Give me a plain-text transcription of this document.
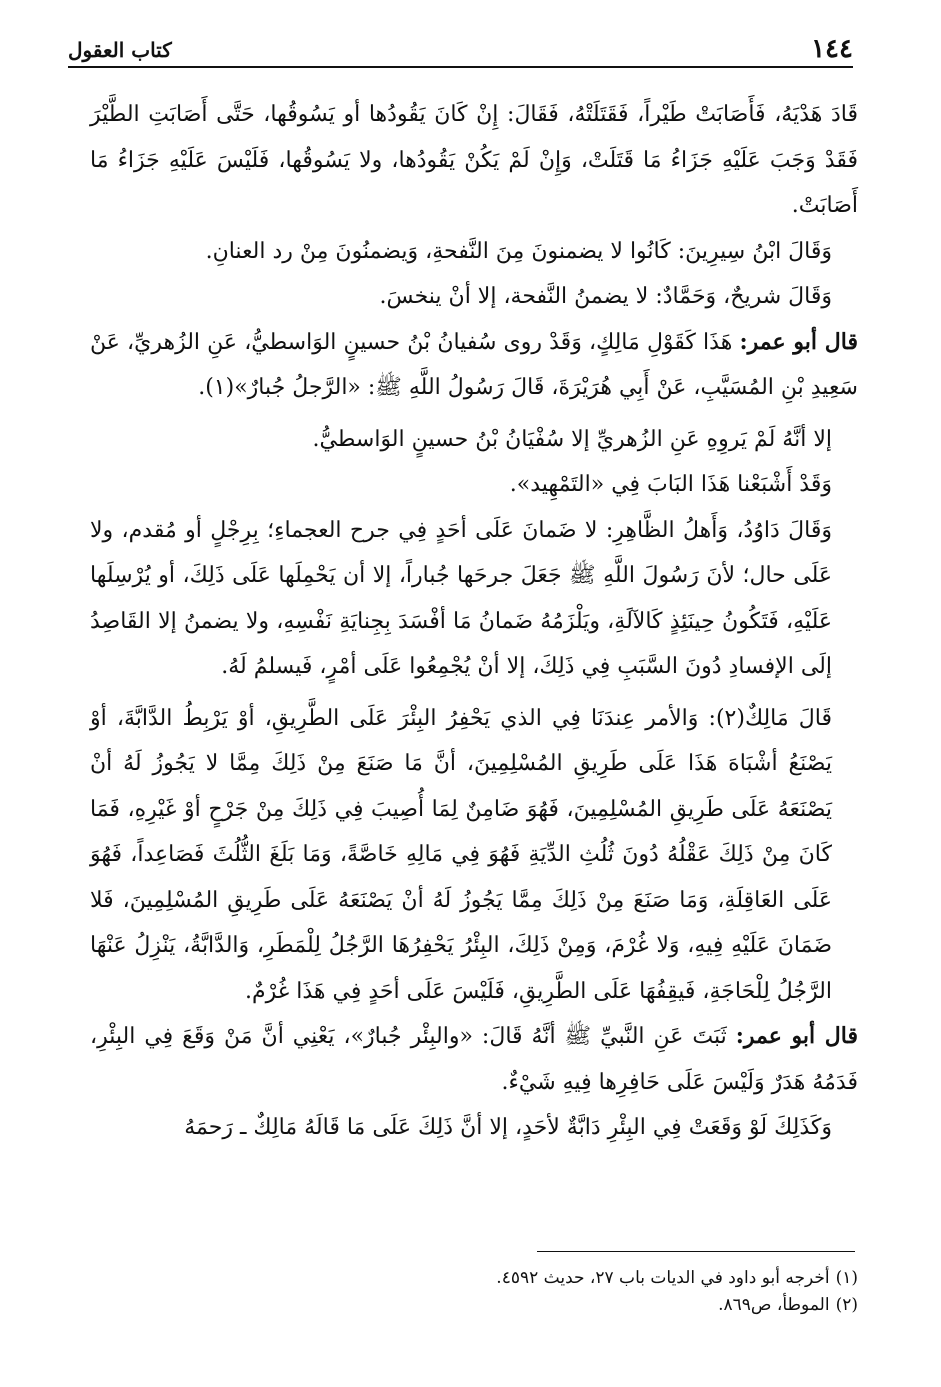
١٤٤
كتاب العقول

قَادَ هَدْيَهُ، فَأَصَابَتْ طَيْراً، فَقَتَلَتْهُ، فَقَالَ: إِنْ كَانَ يَقُودُها أو يَسُوقُها، حَتَّى أَصَابَتِ الطَّيْرَ فَقَدْ وَجَبَ عَلَيْهِ جَزَاءُ مَا قَتَلَتْ، وَإِنْ لَمْ يَكُنْ يَقُودُها، ولا يَسُوقُها، فَلَيْسَ عَلَيْهِ جَزَاءُ مَا أَصَابَتْ.

وَقَالَ ابْنُ سِيرِينَ: كَانُوا لا يضمنونَ مِنَ النَّفحةِ، وَيضمنُونَ مِنْ رد العنانِ.

وَقَالَ شريحٌ، وَحَمَّادٌ: لا يضمنُ النَّفحة، إلا أنْ ينخسَ.

قال أبو عمر: هَذَا كَقَوْلِ مَالِكٍ، وَقَدْ روى سُفيانُ بْنُ حسينٍ الوَاسطيُّ، عَنِ الزُهريِّ، عَنْ سَعِيدِ بْنِ المُسَيَّبِ، عَنْ أَبِي هُرَيْرَةَ، قَالَ رَسُولُ اللَّهِ ﷺ: «الرَّجلُ جُبارٌ»(١).

إلا أنَّهُ لَمْ يَروِهِ عَنِ الزُهريِّ إلا سُفْيَانُ بْنُ حسينٍ الوَاسطيُّ.

وَقَدْ أَشْبَعْنا هَذَا البَابَ فِي «التَمْهِيد».

وَقَالَ دَاوُدُ، وَأَهلُ الظَّاهِرِ: لا ضَمانَ عَلَى أحَدٍ فِي جرح العجماءِ؛ بِرِجْلٍ أو مُقدم، ولا عَلَى حال؛ لأنَ رَسُولَ اللَّهِ ﷺ جَعَلَ جرحَها جُباراً، إلا أن يَحْمِلَها عَلَى ذَلِكَ، أو يُرْسِلَها عَلَيْهِ، فَتَكُونُ حِينَئِذٍ كَالآلَةِ، ويَلْزَمُهُ ضَمانُ مَا أفْسَدَ بِجِنايَةِ نَفْسِهِ، ولا يضمنُ إلا القَاصِدُ إلَى الإفسادِ دُونَ السَّبَبِ فِي ذَلِكَ، إلا أنْ يُجْمِعُوا عَلَى أمْرٍ، فَيسلمُ لَهُ.

قَالَ مَالِكٌ(٢): وَالأمر عِندَنَا فِي الذي يَحْفِرُ البِئْرَ عَلَى الطَّرِيقِ، أوْ يَرْبِطُ الدَّابَّةَ، أوْ يَصْنَعُ أشْبَاهَ هَذَا عَلَى طَرِيقِ المُسْلِمِينَ، أنَّ مَا صَنَعَ مِنْ ذَلِكَ مِمَّا لا يَجُوزُ لَهُ أنْ يَصْنَعَهُ عَلَى طَرِيقِ المُسْلِمِينَ، فَهُوَ ضَامِنٌ لِمَا أُصِيبَ فِي ذَلِكَ مِنْ جَرْحٍ أوْ غَيْرِهِ، فَمَا كَانَ مِنْ ذَلِكَ عَقْلُهُ دُونَ ثُلُثِ الدِّيَةِ فَهُوَ فِي مَالِهِ خَاصَّةً، وَمَا بَلَغَ الثُّلُثَ فَصَاعِداً، فَهُوَ عَلَى العَاقِلَةِ، وَمَا صَنَعَ مِنْ ذَلِكَ مِمَّا يَجُوزُ لَهُ أنْ يَصْنَعَهُ عَلَى طَرِيقِ المُسْلِمِينَ، فَلا ضَمَانَ عَلَيْهِ فِيهِ، وَلا غُرْمَ، وَمِنْ ذَلِكَ، البِئْرُ يَحْفِرُهَا الرَّجُلُ لِلْمَطَرِ، وَالدَّابَّةُ، يَنْزِلُ عَنْهَا الرَّجُلُ لِلْحَاجَةِ، فَيقِفُهَا عَلَى الطَّرِيقِ، فَلَيْسَ عَلَى أحَدٍ فِي هَذَا غُرْمٌ.

قال أبو عمر: ثَبَتَ عَنِ النَّبيِّ ﷺ أنَّهُ قَالَ: «والبِئْر جُبارٌ»، يَعْنِي أنَّ مَنْ وَقَعَ فِي البِئْرِ، فَدَمُهُ هَدَرٌ وَلَيْسَ عَلَى حَافِرِها فِيهِ شَيْءٌ.

وَكَذَلِكَ لَوْ وَقَعَتْ فِي البِئْرِ دَابَّةٌ لأحَدٍ، إلا أنَّ ذَلِكَ عَلَى مَا قَالَهُ مَالِكٌ ـ رَحمَهُ

(١)أخرجه أبو داود في الديات باب ٢٧، حديث ٤٥٩٢.

(٢)الموطأ، ص٨٦٩.
